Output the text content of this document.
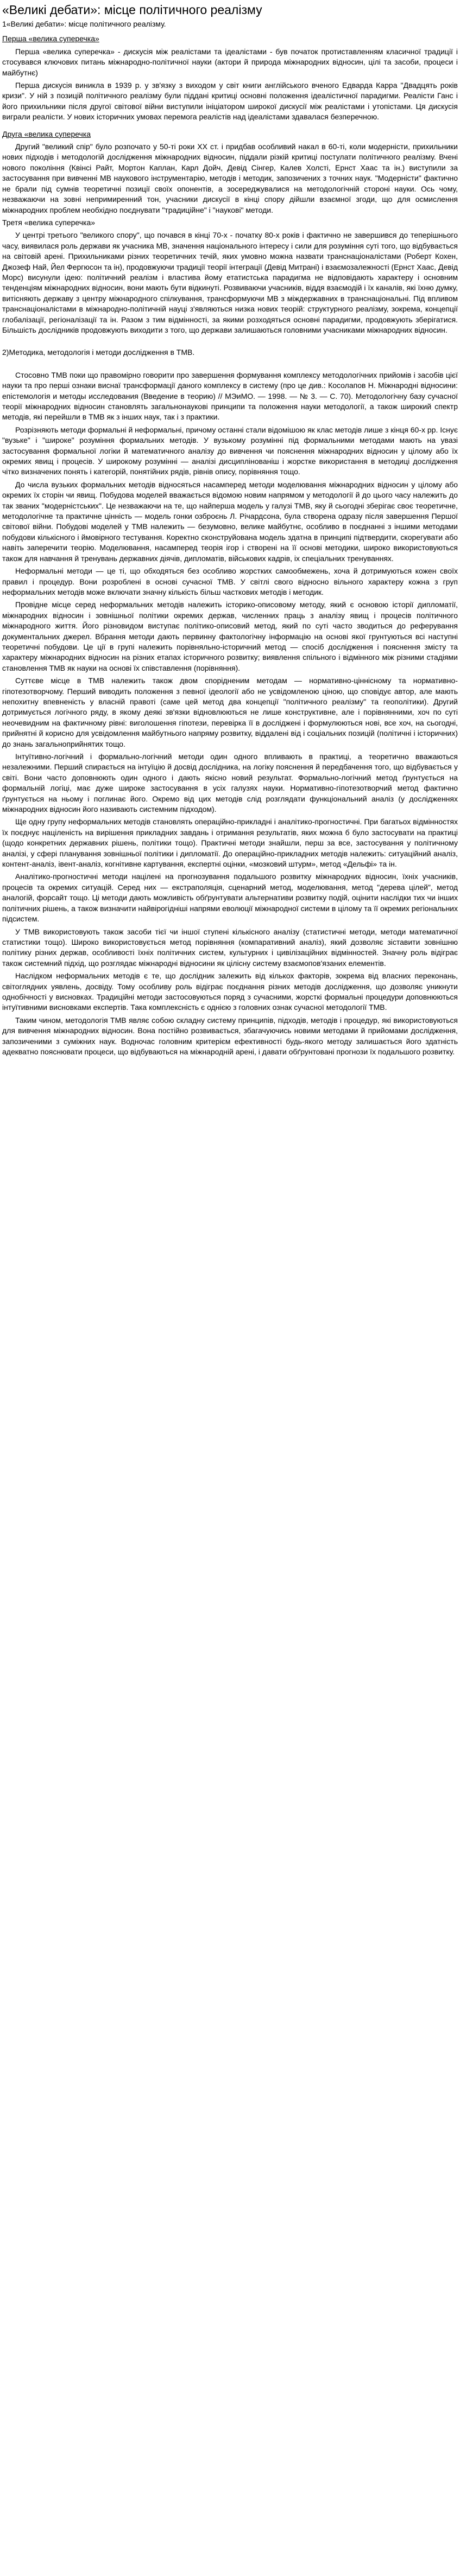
«Великі дебати»: місце політичного реалізму

1«Великі дебати»: місце політичного реалізму.

Перша «велика суперечка»

Перша «велика суперечка» - дискусія між реалістами та ідеалістами - був початок протиставленням класичної традиції і стосувався ключових питань міжнародно-політичної науки (актори й природа міжнародних відносин, цілі та засоби, процеси і майбутнє)

Перша дискусія виникла в 1939 р. у зв'язку з виходом у світ книги англійського вченого Едварда Карра "Двадцять років кризи". У ній з позицій політичного реалізму були піддані критиці основні положення ідеалістичної парадигми. Реалісти Ганс і його прихильники після другої світової війни виступили ініціатором широкої дискусії між реалістами і утопістами. Ця дискусія виграли реалісти. У нових історичних умовах перемога реалістів над ідеалістами здавалася безперечною.

Друга «велика суперечка

Другий "великий спір" було розпочато у 50-ті роки XX ст. і придбав особливий накал в 60-ті, коли модерністи, прихильники нових підходів і методологій дослідження міжнародних відносин, піддали різкій критиці постулати політичного реалізму. Вчені нового покоління (Квінсі Райт, Мортон Каплан, Карл Дойч, Девід Сінгер, Калев Холсті, Ернст Хаас та ін.) виступили за застосування при вивченні МВ наукового інструментарію, методів і методик, запозичених з точних наук. "Модерністи" фактично не брали під сумнів теоретичні позиції своїх опонентів, а зосереджувалися на методологічній стороні науки. Ось чому, незважаючи на зовні непримиренний тон, учасники дискусії в кінці спору дійшли взаємної згоди, що для осмислення міжнародних проблем необхідно поєднувати "традиційне" і "наукові" методи.

Третя «велика суперечка»

У центрі третього "великого спору", що почався в кінці 70-х - початку 80-х років і фактично не завершився до теперішнього часу, виявилася роль держави як учасника МВ, значення національного інтересу і сили для розуміння суті того, що відбувається на світовій арені. Прихильниками різних теоретичних течій, яких умовно можна назвати транснаціоналістами (Роберт Кохен, Джозеф Най, Йел Фергюсон та ін), продовжуючи традиції теорії інтеграції (Девід Митрані) і взаємозалежності (Ернст Хаас, Девід Морс) висунули ідею: політичний реалізм і властива йому етатистська парадигма не відповідають характеру і основним тенденціям міжнародних відносин, вони мають бути відкинуті. Розвиваючи учасників, віддя взаємодій і їх каналів, які їхню думку, витісняють державу з центру міжнародного спілкування, трансформуючи МВ з міждержавних в транснаціональні. Під впливом транснаціоналістами в міжнародно-політичній науці з'являються низка нових теорій: структурного реалізму, зокрема, концепції глобалізації, регіоналізації та ін. Разом з тим відмінності, за якими розходяться основні парадигми, продовжують зберігатися. Більшість дослідників продовжують виходити з того, що держави залишаються головними учасниками міжнародних відносин.

2)Методика, методологія і методи дослідження в ТМВ.

Стосовно ТМВ поки що правомірно говорити про завершення формування комплексу методологічних прийомів і засобів цієї науки та про перші ознаки виснаї трансформації даного комплексу в систему (про це див.: Косолапов Н. Міжнародні відносини: епістемологія и методы исследования (Введение в теорию) // МЭиМО. — 1998. — № 3. — С. 70). Методологічну базу сучасної теорії міжнародних відносин становлять загальнонаукові принципи та положення науки методології, а також широкий спектр методів, які перейшли в ТМВ як з інших наук, так і з практики.

Розрізняють методи формальні й неформальні, причому останні стали відомішою як клас методів лише з кінця 60-х рр. Існує "вузьке" і "широке" розуміння формальних методів. У вузькому розумінні під формальними методами мають на увазі застосування формальної логіки й математичного аналізу до вивчення чи пояснення міжнародних відносин у цілому або їх окремих явищ і процесів. У широкому розумінні — аналізі дисциплінованіш і жорстке використання в методиці дослідження чітко визначених понять і категорій, понятійних рядів, рівнів опису, порівняння тощо.

До числа вузьких формальних методів відносяться насамперед методи моделювання міжнародних відносин у цілому або окремих їх сторін чи явищ. Побудова моделей вважається відомою новим напрямом у методології й до цього часу належить до так званих "модерністських". Це незважаючи на те, що найперша модель у галузі ТМВ, яку й сьогодні зберігає своє теоретичне, методологічне та практичне цінність — модель гонки озброєнь Л. Річардсона, була створена одразу після завершення Першої світової війни. Побудові моделей у ТМВ належить — безумовно, велике майбутнє, особливо в поєднанні з іншими методами побудови кількісного і ймовірного тестування. Коректно сконструйована модель здатна в принципі підтвердити, скорегувати або навіть заперечити теорію. Моделювання, насамперед теорія ігор і створені на її основі методики, широко використовуються також для навчання й тренувань державних діячів, дипломатів, військових кадрів, іх спеціальних тренуваннях.

Неформальні методи — це ті, що обходяться без особливо жорстких самообмежень, хоча й дотримуються кожен своїх правил і процедур. Вони розроблені в основі сучасної ТМВ. У світлі свого відносно вільного характеру кожна з груп неформальних методів може включати значну кількість більш часткових методів і методик.

Провідне місце серед неформальних методів належить історико-описовому методу, який є основою історії дипломатії, міжнародних відносин і зовнішньої політики окремих держав, численних праць з аналізу явищ і процесів політичного міжнародного життя. Його різновидом виступає політико-описовий метод, який по суті часто зводиться до реферування документальних джерел. Вбрання методи дають первинну фактологічну інформацію на основі якої грунтуються всі наступні теоретичні побудови. Це ції в групі належить порівняльно-історичний метод — спосіб дослідження і пояснення змісту та характеру міжнародних відносин на різних етапах історичного розвитку; виявлення спільного і відмінного між різними стадіями становлення ТМВ як науки на основі їх співставлення (порівняння).

Суттєве місце в ТМВ належить також двом спорідненим методам — нормативно-ціннісному та нормативно-гіпотезотворчому. Перший виводить положення з певної ідеології або не усвідомленою ціною, що сповідує автор, але мають непохитну впевненість у власній правоті (саме цей метод два концепції "політичного реалізму" та геополітики). Другий дотримується логічного ряду, в якому деякі зв'язки відновлюються не лише конструктивне, але і порівнянними, хоч по суті неочевидним на фактичному рівні: виголошення гіпотези, перевірка її в досліджені і формулюються нові, все хоч, на сьогодні, прийнятні й корисно для усвідомлення майбутнього напряму розвитку, віддалені від і соціальних позицій (політичні і історичних) до знань загальноприйнятих тощо.

Інтуїтивно-логічний і формально-логічний методи один одного впливають в практиці, а теоретично вважаються незалежними. Перший спирається на інтуїцію й досвід дослідника, на логіку пояснення й передбачення того, що відбувається у світі. Вони часто доповнюють один одного і дають якісно новий результат. Формально-логічний метод ґрунтується на формальній логіці, має дуже широке застосування в усіх галузях науки. Нормативно-гіпотезотворчий метод фактично ґрунтується на ньому і поглинає його. Окремо від цих методів слід розглядати функціональний аналіз (у дослідженнях міжнародних відносин його називають системним підходом).

Ще одну групу неформальних методів становлять операційно-прикладні і аналітико-прогностичні. При багатьох відмінностях їх поєднує націленість на вирішення прикладних завдань і отримання результатів, яких можна б було застосувати на практиці (щодо конкретних державних рішень, політики тощо). Практичні методи знайшли, перш за все, застосування у політичному аналізі, у сфері планування зовнішньої політики і дипломатії. До операційно-прикладних методів належить: ситуаційний аналіз, контент-аналіз, івент-аналіз, когнітивне картування, експертні оцінки, «мозковий штурм», метод «Дельфі» та ін.

Аналітико-прогностичні методи націлені на прогнозування подальшого розвитку міжнародних відносин, їхніх учасників, процесів та окремих ситуацій. Серед них — екстраполяція, сценарний метод, моделювання, метод "дерева цілей", метод аналогій, форсайт тощо. Ці методи дають можливість обґрунтувати альтернативи розвитку подій, оцінити наслідки тих чи інших політичних рішень, а також визначити найвірогідніші напрями еволюції міжнародної системи в цілому та її окремих регіональних підсистем.

У ТМВ використовують також засоби тієї чи іншої ступені кількісного аналізу (статистичні методи, методи математичної статистики тощо). Широко використовується метод порівняння (компаративний аналіз), який дозволяє зіставити зовнішню політику різних держав, особливості їхніх політичних систем, культурних і цивілізаційних відмінностей. Значну роль відіграє також системний підхід, що розглядає міжнародні відносини як цілісну систему взаємопов'язаних елементів.

Наслідком неформальних методів є те, що дослідник залежить від кількох факторів, зокрема від власних переконань, світоглядних уявлень, досвіду. Тому особливу роль відіграє поєднання різних методів дослідження, що дозволяє уникнути однобічності у висновках. Традиційні методи застосовуються поряд з сучасними, жорсткі формальні процедури доповнюються інтуїтивними висновками експертів. Така комплексність є однією з головних ознак сучасної методології ТМВ.

Таким чином, методологія ТМВ являє собою складну систему принципів, підходів, методів і процедур, які використовуються для вивчення міжнародних відносин. Вона постійно розвивається, збагачуючись новими методами й прийомами дослідження, запозиченими з суміжних наук. Водночас головним критерієм ефективності будь-якого методу залишається його здатність адекватно пояснювати процеси, що відбуваються на міжнародній арені, і давати обґрунтовані прогнози їх подальшого розвитку.
